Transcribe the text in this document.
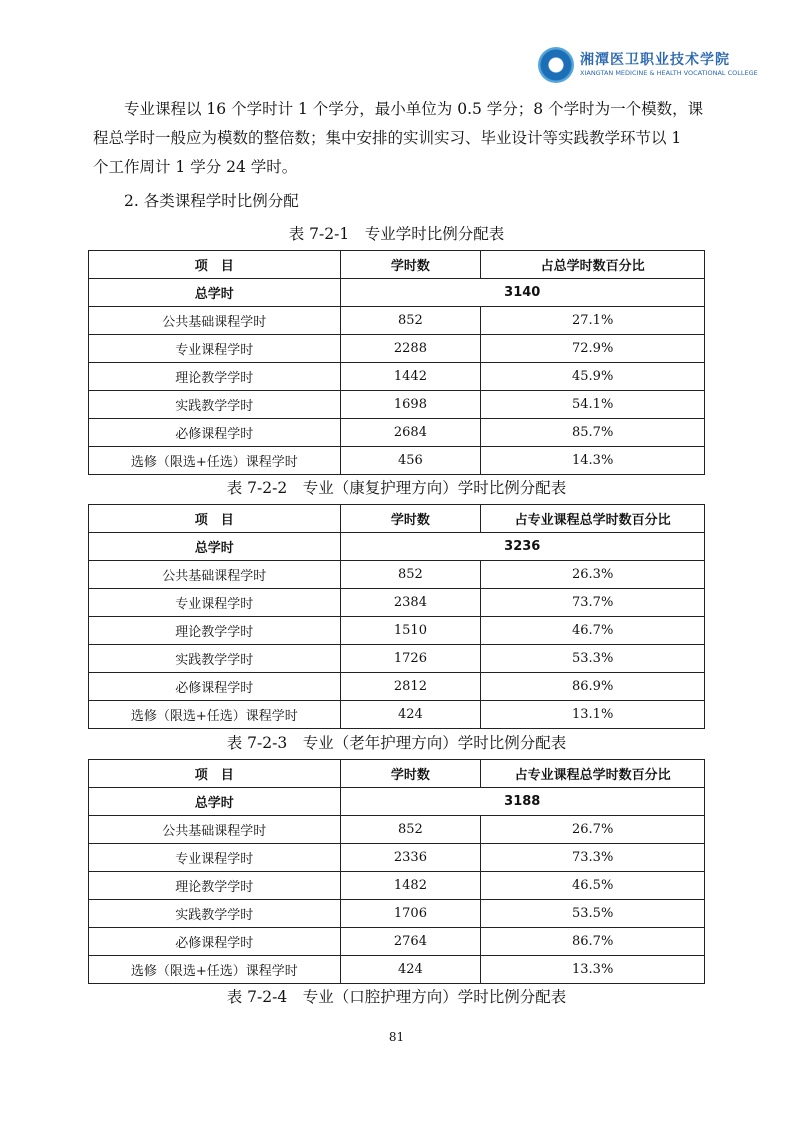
湘潭医卫职业技术学院
XIANGTAN MEDICINE & HEALTH VOCATIONAL COLLEGE
专业课程以 16 个学时计 1 个学分，最小单位为 0.5 学分；8 个学时为一个模数，课
程总学时一般应为模数的整倍数；集中安排的实训实习、毕业设计等实践教学环节以 1
个工作周计 1 学分 24 学时。
2. 各类课程学时比例分配
表 7-2-1　专业学时比例分配表
项　目	学时数	占总学时数百分比
总学时	3140	
公共基础课程学时	852	27.1%
专业课程学时	2288	72.9%
理论教学学时	1442	45.9%
实践教学学时	1698	54.1%
必修课程学时	2684	85.7%
选修（限选+任选）课程学时	456	14.3%
表 7-2-2　专业（康复护理方向）学时比例分配表
项　目	学时数	占专业课程总学时数百分比
总学时	3236	
公共基础课程学时	852	26.3%
专业课程学时	2384	73.7%
理论教学学时	1510	46.7%
实践教学学时	1726	53.3%
必修课程学时	2812	86.9%
选修（限选+任选）课程学时	424	13.1%
表 7-2-3　专业（老年护理方向）学时比例分配表
项　目	学时数	占专业课程总学时数百分比
总学时	3188	
公共基础课程学时	852	26.7%
专业课程学时	2336	73.3%
理论教学学时	1482	46.5%
实践教学学时	1706	53.5%
必修课程学时	2764	86.7%
选修（限选+任选）课程学时	424	13.3%
表 7-2-4　专业（口腔护理方向）学时比例分配表
81
